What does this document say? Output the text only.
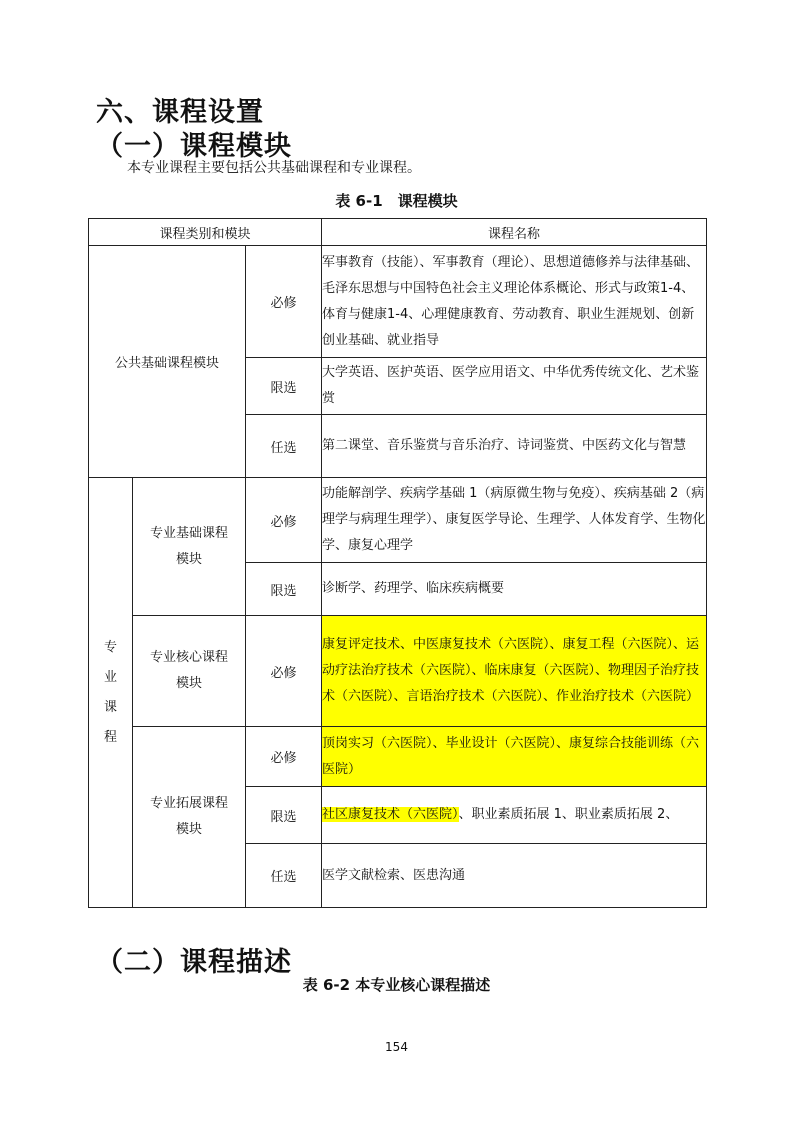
六、课程设置
（一）课程模块
本专业课程主要包括公共基础课程和专业课程。
表 6-1　课程模块
课程类别和模块			课程名称
公共基础课程模块		必修	军事教育（技能）、军事教育（理论）、思想道德修养与法律基础、毛泽东思想与中国特色社会主义理论体系概论、形式与政策1-4、体育与健康1-4、心理健康教育、劳动教育、职业生涯规划、创新创业基础、就业指导
		限选	大学英语、医护英语、医学应用语文、中华优秀传统文化、艺术鉴赏
		任选	第二课堂、音乐鉴赏与音乐治疗、诗词鉴赏、中医药文化与智慧

专业课程	专业基础课程模块	必修	功能解剖学、疾病学基础 1（病原微生物与免疫）、疾病基础 2（病理学与病理生理学）、康复医学导论、生理学、人体发育学、生物化学、康复心理学
		限选	诊断学、药理学、临床疾病概要
	专业核心课程模块	必修	康复评定技术、中医康复技术（六医院）、康复工程（六医院）、运动疗法治疗技术（六医院）、临床康复（六医院）、物理因子治疗技术（六医院）、言语治疗技术（六医院）、作业治疗技术（六医院）
	专业拓展课程模块	必修	顶岗实习（六医院）、毕业设计（六医院）、康复综合技能训练（六医院）
		限选	社区康复技术（六医院）、职业素质拓展 1、职业素质拓展 2、
		任选	医学文献检索、医患沟通
（二）课程描述
表 6-2 本专业核心课程描述
154
